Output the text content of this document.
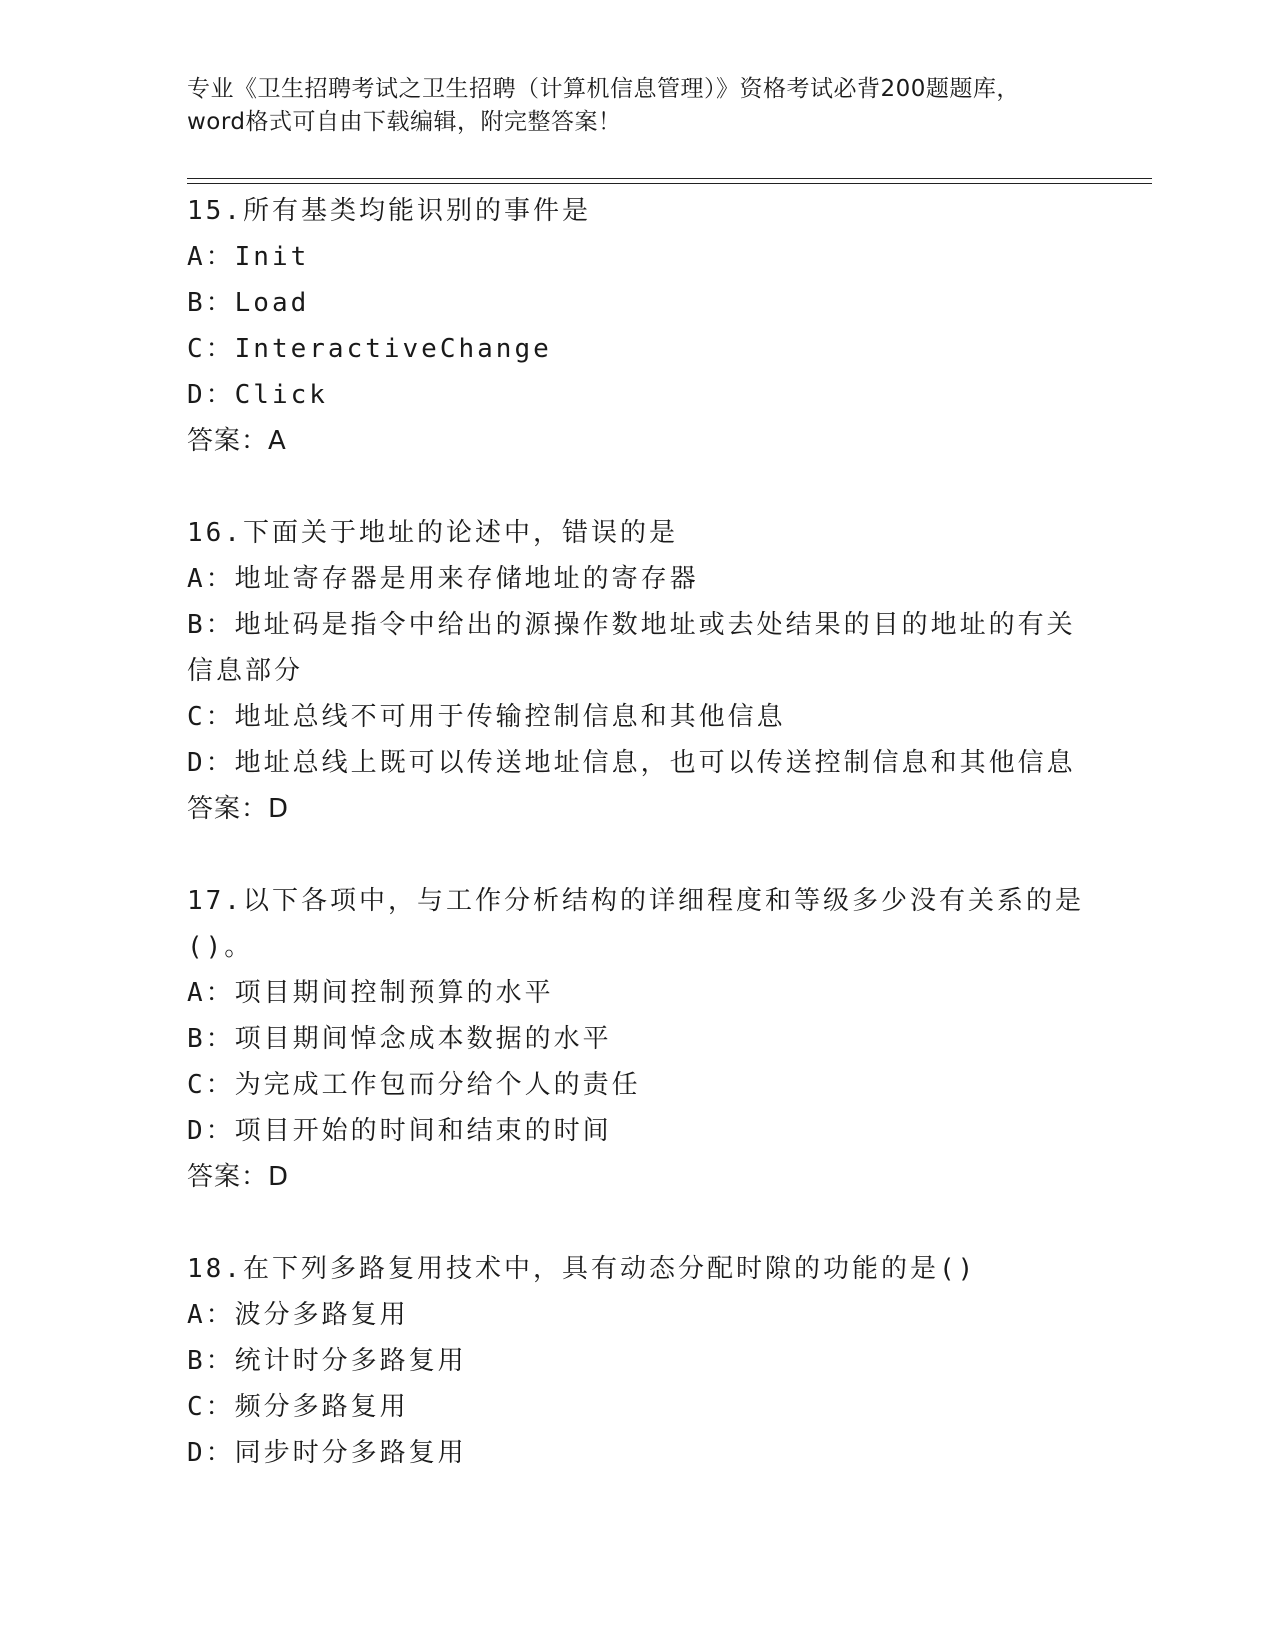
专业《卫生招聘考试之卫生招聘（计算机信息管理）》资格考试必背200题题库，
word格式可自由下载编辑，附完整答案！
15.所有基类均能识别的事件是
A：Init
B：Load
C：InteractiveChange
D：Click
答案：A
16.下面关于地址的论述中，错误的是
A：地址寄存器是用来存储地址的寄存器
B：地址码是指令中给出的源操作数地址或去处结果的目的地址的有关
信息部分
C：地址总线不可用于传输控制信息和其他信息
D：地址总线上既可以传送地址信息，也可以传送控制信息和其他信息
答案：D
17.以下各项中，与工作分析结构的详细程度和等级多少没有关系的是
()。
A：项目期间控制预算的水平
B：项目期间悼念成本数据的水平
C：为完成工作包而分给个人的责任
D：项目开始的时间和结束的时间
答案：D
18.在下列多路复用技术中，具有动态分配时隙的功能的是()
A：波分多路复用
B：统计时分多路复用
C：频分多路复用
D：同步时分多路复用
